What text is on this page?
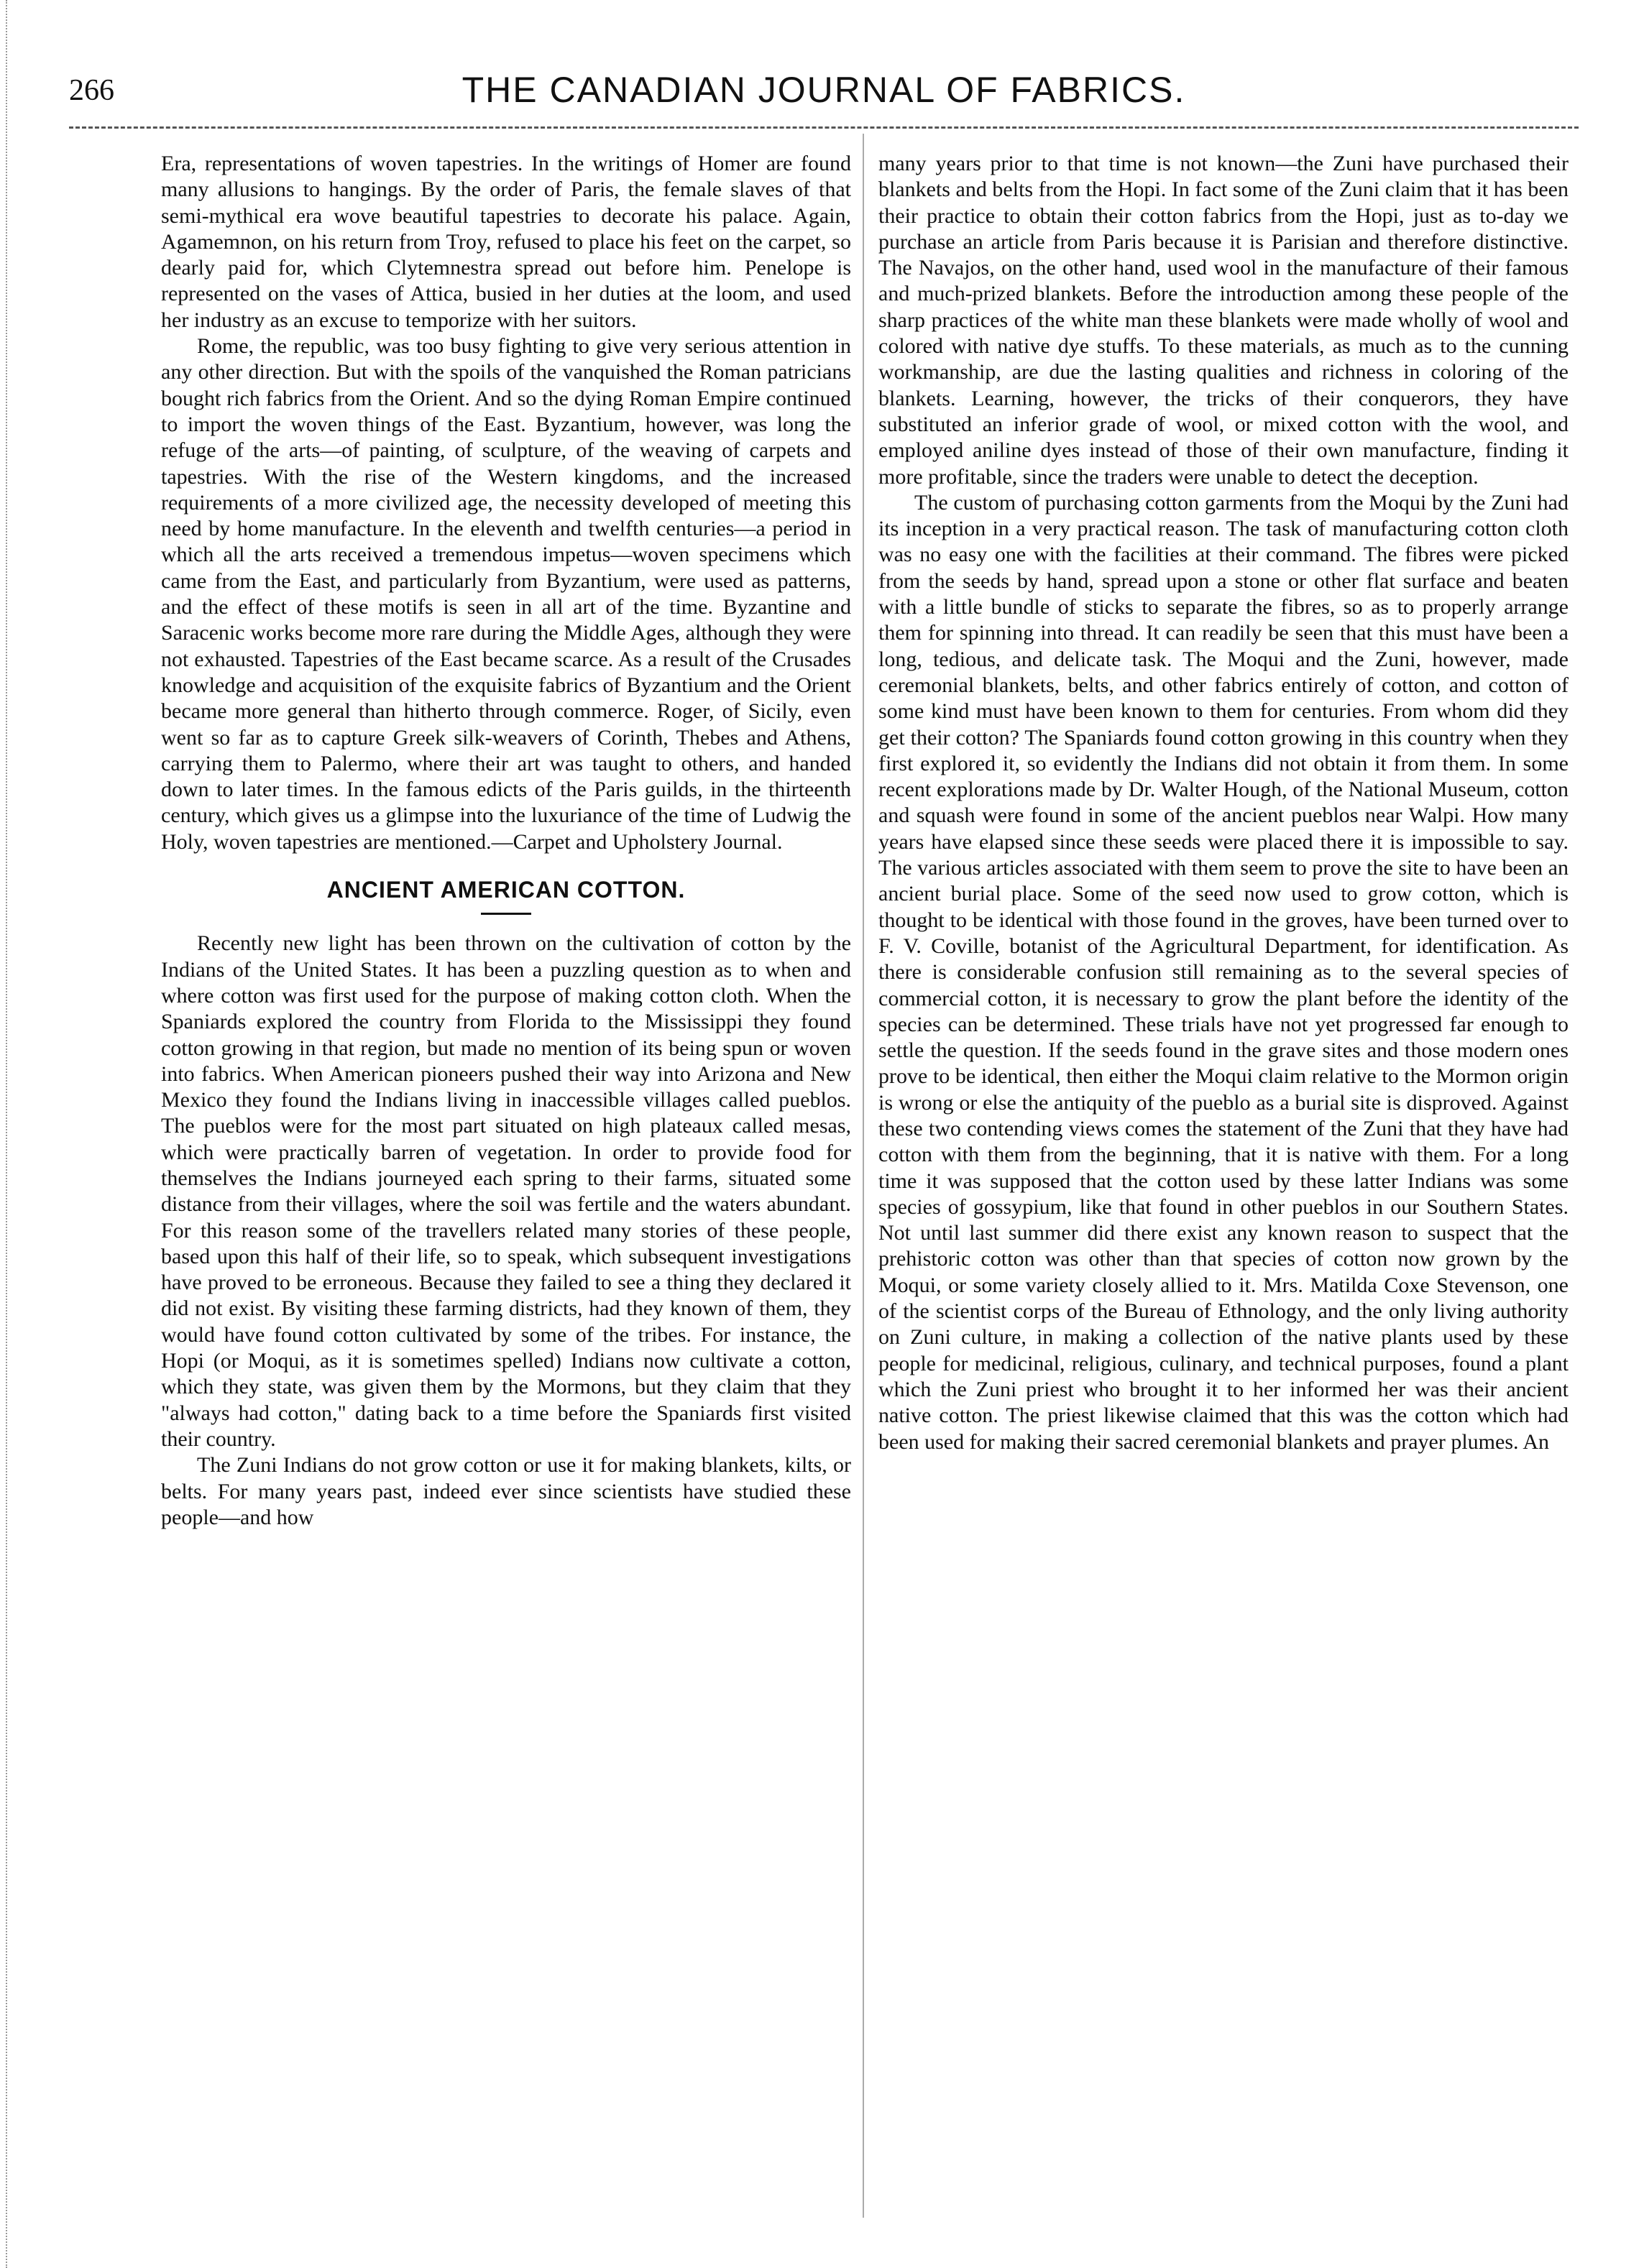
266	THE CANADIAN JOURNAL OF FABRICS.

Era, representations of woven tapestries. In the writings of Homer are found many allusions to hangings. By the order of Paris, the female slaves of that semi-mythical era wove beautiful tapestries to decorate his palace. Again, Agamemnon, on his return from Troy, refused to place his feet on the carpet, so dearly paid for, which Clytemnestra spread out before him. Penelope is represented on the vases of Attica, busied in her duties at the loom, and used her industry as an excuse to temporize with her suitors.

Rome, the republic, was too busy fighting to give very serious attention in any other direction. But with the spoils of the vanquished the Roman patricians bought rich fabrics from the Orient. And so the dying Roman Empire continued to import the woven things of the East. Byzantium, however, was long the refuge of the arts—of painting, of sculpture, of the weaving of carpets and tapestries. With the rise of the Western kingdoms, and the increased requirements of a more civilized age, the necessity developed of meeting this need by home manufacture. In the eleventh and twelfth centuries—a period in which all the arts received a tremendous impetus—woven specimens which came from the East, and particularly from Byzantium, were used as patterns, and the effect of these motifs is seen in all art of the time. Byzantine and Saracenic works become more rare during the Middle Ages, although they were not exhausted. Tapestries of the East became scarce. As a result of the Crusades knowledge and acquisition of the exquisite fabrics of Byzantium and the Orient became more general than hitherto through commerce. Roger, of Sicily, even went so far as to capture Greek silk-weavers of Corinth, Thebes and Athens, carrying them to Palermo, where their art was taught to others, and handed down to later times. In the famous edicts of the Paris guilds, in the thirteenth century, which gives us a glimpse into the luxuriance of the time of Ludwig the Holy, woven tapestries are mentioned.—Carpet and Upholstery Journal.

ANCIENT AMERICAN COTTON.

Recently new light has been thrown on the cultivation of cotton by the Indians of the United States. It has been a puzzling question as to when and where cotton was first used for the purpose of making cotton cloth. When the Spaniards explored the country from Florida to the Mississippi they found cotton growing in that region, but made no mention of its being spun or woven into fabrics. When American pioneers pushed their way into Arizona and New Mexico they found the Indians living in inaccessible villages called pueblos. The pueblos were for the most part situated on high plateaux called mesas, which were practically barren of vegetation. In order to provide food for themselves the Indians journeyed each spring to their farms, situated some distance from their villages, where the soil was fertile and the waters abundant. For this reason some of the travellers related many stories of these people, based upon this half of their life, so to speak, which subsequent investigations have proved to be erroneous. Because they failed to see a thing they declared it did not exist. By visiting these farming districts, had they known of them, they would have found cotton cultivated by some of the tribes. For instance, the Hopi (or Moqui, as it is sometimes spelled) Indians now cultivate a cotton, which they state, was given them by the Mormons, but they claim that they "always had cotton," dating back to a time before the Spaniards first visited their country.

The Zuni Indians do not grow cotton or use it for making blankets, kilts, or belts. For many years past, indeed ever since scientists have studied these people—and how

many years prior to that time is not known—the Zuni have purchased their blankets and belts from the Hopi. In fact some of the Zuni claim that it has been their practice to obtain their cotton fabrics from the Hopi, just as to-day we purchase an article from Paris because it is Parisian and therefore distinctive. The Navajos, on the other hand, used wool in the manufacture of their famous and much-prized blankets. Before the introduction among these people of the sharp practices of the white man these blankets were made wholly of wool and colored with native dye stuffs. To these materials, as much as to the cunning workmanship, are due the lasting qualities and richness in coloring of the blankets. Learning, however, the tricks of their conquerors, they have substituted an inferior grade of wool, or mixed cotton with the wool, and employed aniline dyes instead of those of their own manufacture, finding it more profitable, since the traders were unable to detect the deception.

The custom of purchasing cotton garments from the Moqui by the Zuni had its inception in a very practical reason. The task of manufacturing cotton cloth was no easy one with the facilities at their command. The fibres were picked from the seeds by hand, spread upon a stone or other flat surface and beaten with a little bundle of sticks to separate the fibres, so as to properly arrange them for spinning into thread. It can readily be seen that this must have been a long, tedious, and delicate task. The Moqui and the Zuni, however, made ceremonial blankets, belts, and other fabrics entirely of cotton, and cotton of some kind must have been known to them for centuries. From whom did they get their cotton? The Spaniards found cotton growing in this country when they first explored it, so evidently the Indians did not obtain it from them. In some recent explorations made by Dr. Walter Hough, of the National Museum, cotton and squash were found in some of the ancient pueblos near Walpi. How many years have elapsed since these seeds were placed there it is impossible to say. The various articles associated with them seem to prove the site to have been an ancient burial place. Some of the seed now used to grow cotton, which is thought to be identical with those found in the groves, have been turned over to F. V. Coville, botanist of the Agricultural Department, for identification. As there is considerable confusion still remaining as to the several species of commercial cotton, it is necessary to grow the plant before the identity of the species can be determined. These trials have not yet progressed far enough to settle the question. If the seeds found in the grave sites and those modern ones prove to be identical, then either the Moqui claim relative to the Mormon origin is wrong or else the antiquity of the pueblo as a burial site is disproved. Against these two contending views comes the statement of the Zuni that they have had cotton with them from the beginning, that it is native with them. For a long time it was supposed that the cotton used by these latter Indians was some species of gossypium, like that found in other pueblos in our Southern States. Not until last summer did there exist any known reason to suspect that the prehistoric cotton was other than that species of cotton now grown by the Moqui, or some variety closely allied to it. Mrs. Matilda Coxe Stevenson, one of the scientist corps of the Bureau of Ethnology, and the only living authority on Zuni culture, in making a collection of the native plants used by these people for medicinal, religious, culinary, and technical purposes, found a plant which the Zuni priest who brought it to her informed her was their ancient native cotton. The priest likewise claimed that this was the cotton which had been used for making their sacred ceremonial blankets and prayer plumes. An
